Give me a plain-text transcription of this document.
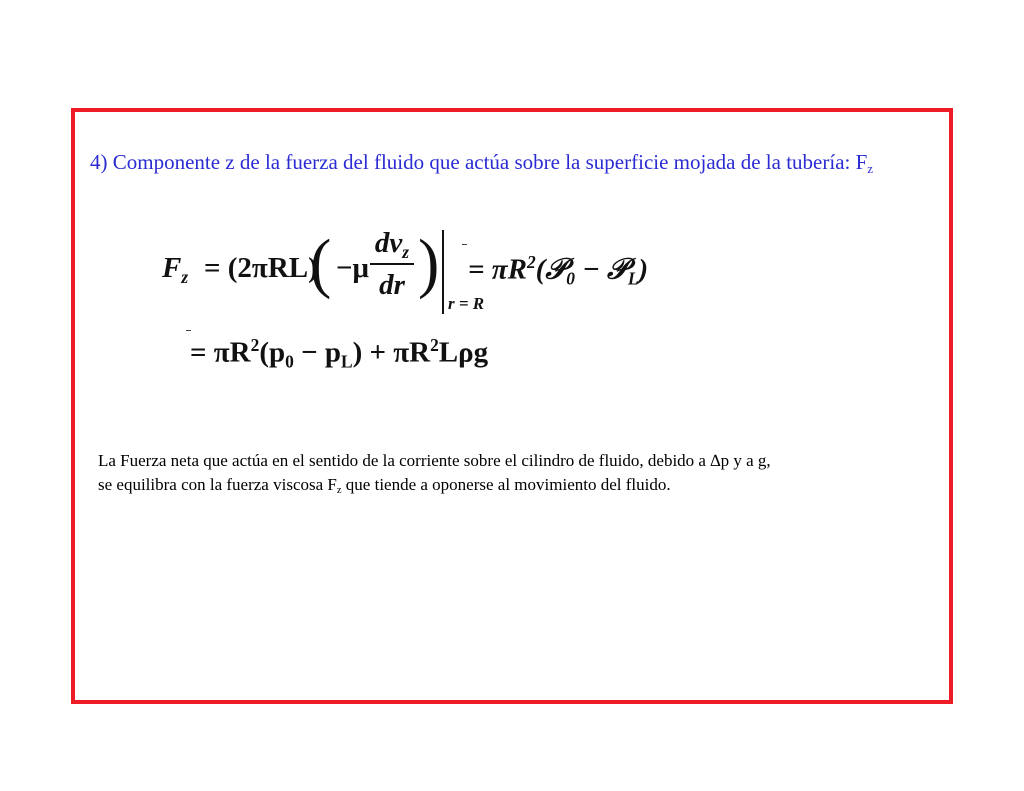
4) Componente z de la fuerza del fluido que actúa sobre la superficie mojada de la tubería: $F_z$
$F_z = (2\pi RL)$
( −μ
$dv_z$
dr )
r = R
= $\pi R^2(𝒫_0$ − 𝒫$_L$)
= $\pi R^2(p_0 - p_L) + \pi R^2L\rho g$
La Fuerza neta que actúa en el sentido de la corriente sobre el cilindro de fluido, debido a ∆p y a g,
se equilibra con la fuerza viscosa $F_z$ que tiende a oponerse al movimiento del fluido.
